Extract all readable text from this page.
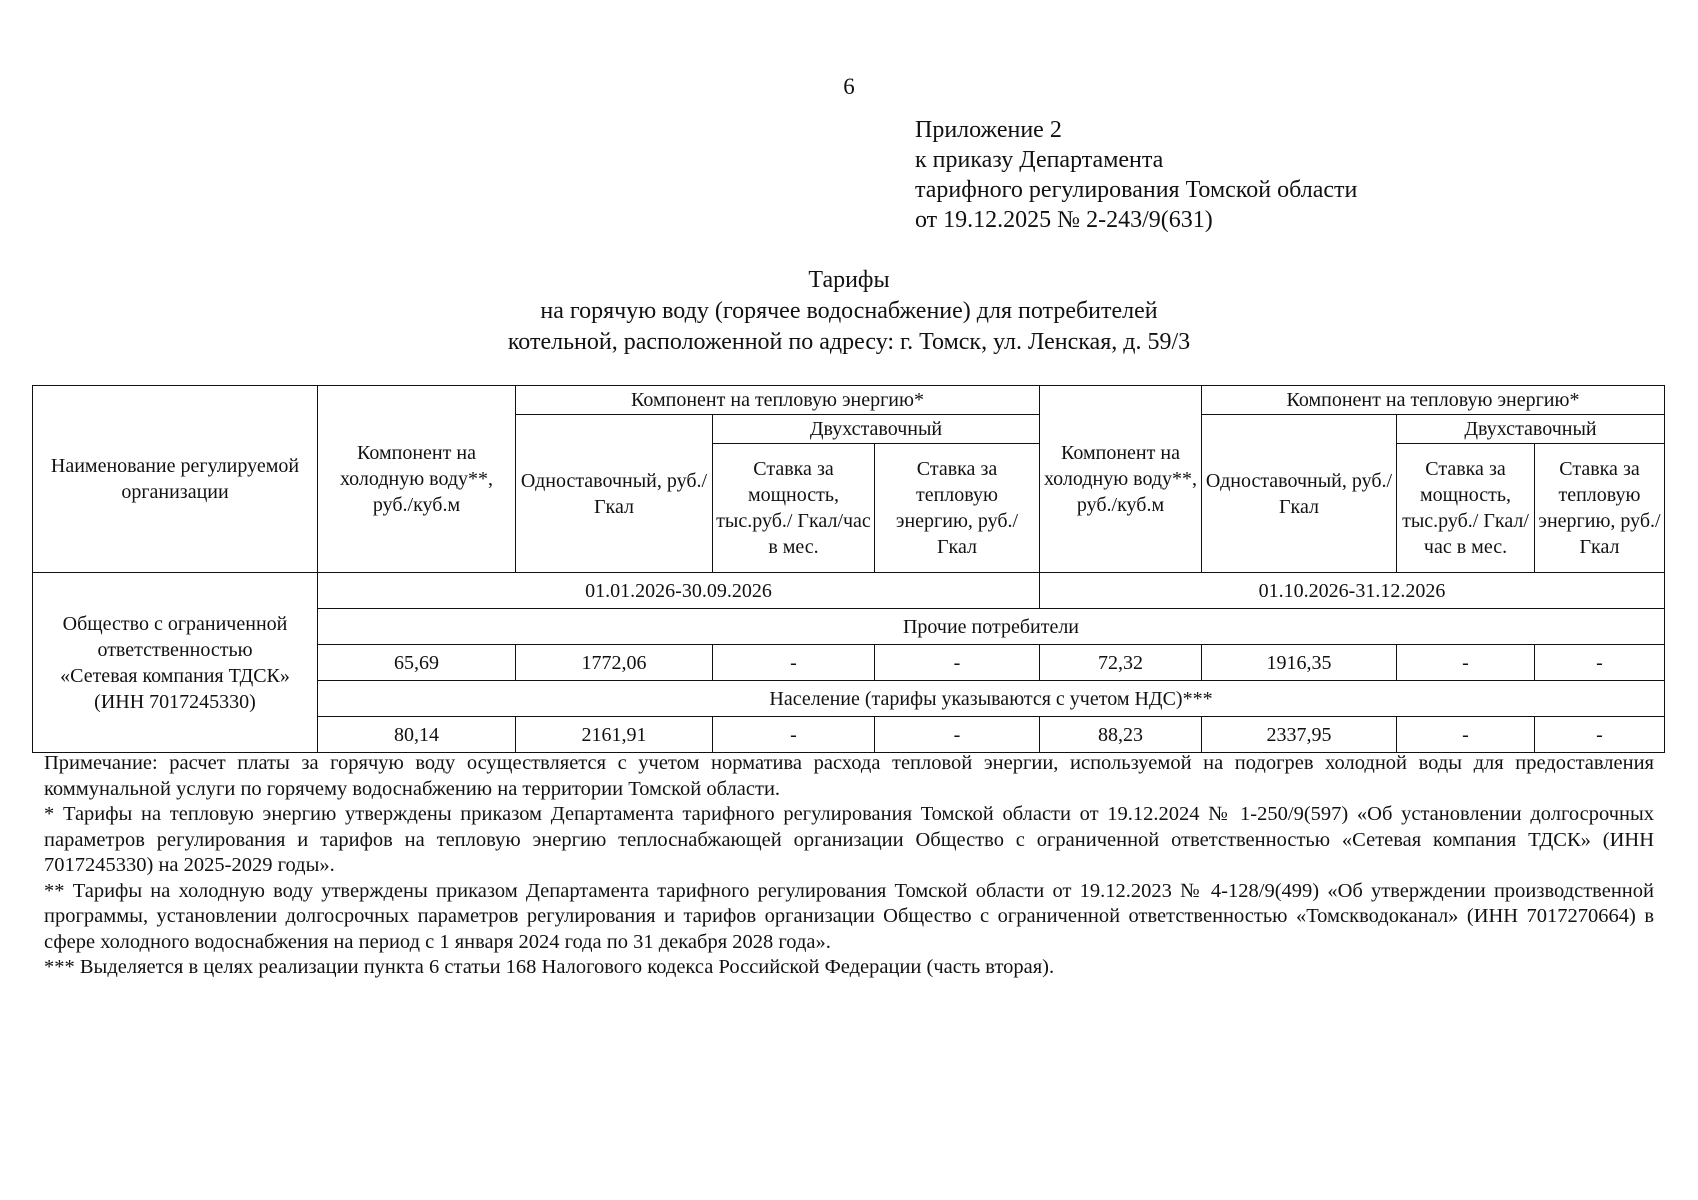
6
Приложение 2
к приказу Департамента
тарифного регулирования Томской области
от 19.12.2025 № 2-243/9(631)
Тарифы
на горячую воду (горячее водоснабжение) для потребителей
котельной, расположенной по адресу: г. Томск, ул. Ленская, д. 59/3
Наименование регулируемой организации	Компонент на холодную воду**, руб./куб.м	Компонент на тепловую энергию*			Компонент на холодную воду**, руб./куб.м	Компонент на тепловую энергию*		
		Одноставочный, руб./Гкал	Двухставочный			Одноставочный, руб./Гкал	Двухставочный	
			Ставка за мощность, тыс.руб./ Гкал/час в мес.	Ставка за тепловую энергию, руб./Гкал			Ставка за мощность, тыс.руб./ Гкал/час в мес.	Ставка за тепловую энергию, руб./Гкал

Общество с ограниченной
ответственностью
«Сетевая компания ТДСК»
(ИНН 7017245330)	01.01.2026-30.09.2026				01.10.2026-31.12.2026			
	Прочие потребители							
	65,69	1772,06	-	-	72,32	1916,35	-	-
	Население (тарифы указываются с учетом НДС)***							
	80,14	2161,91	-	-	88,23	2337,95	-	-

Примечание: расчет платы за горячую воду осуществляется с учетом норматива расхода тепловой энергии, используемой на подогрев холодной воды для предоставления коммунальной услуги по горячему водоснабжению на территории Томской области.

* Тарифы на тепловую энергию утверждены приказом Департамента тарифного регулирования Томской области от 19.12.2024 № 1-250/9(597) «Об установлении долгосрочных параметров регулирования и тарифов на тепловую энергию теплоснабжающей организации Общество с ограниченной ответственностью «Сетевая компания ТДСК» (ИНН 7017245330) на 2025-2029 годы».

** Тарифы на холодную воду утверждены приказом Департамента тарифного регулирования Томской области от 19.12.2023 № 4-128/9(499) «Об утверждении производственной программы, установлении долгосрочных параметров регулирования и тарифов организации Общество с ограниченной ответственностью «Томскводоканал» (ИНН 7017270664) в сфере холодного водоснабжения на период с 1 января 2024 года по 31 декабря 2028 года».

*** Выделяется в целях реализации пункта 6 статьи 168 Налогового кодекса Российской Федерации (часть вторая).
